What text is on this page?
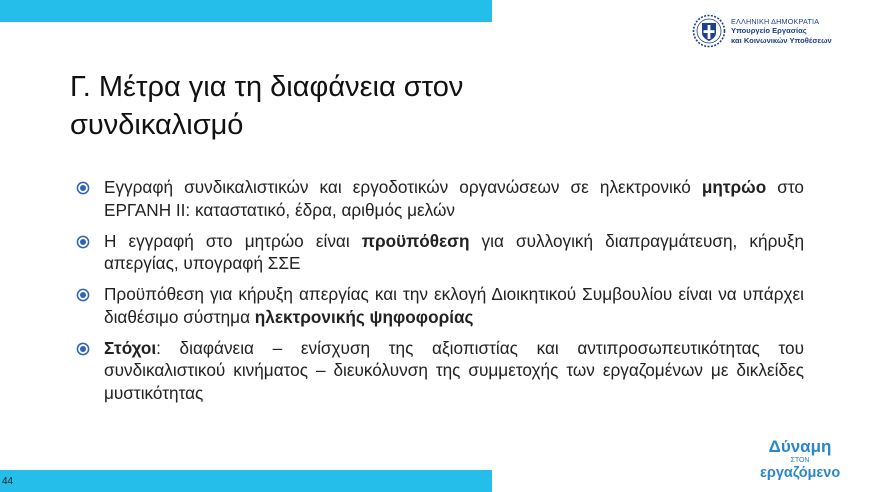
ΕΛΛΗΝΙΚΗ ΔΗΜΟΚΡΑΤΙΑ
Υπουργείο Εργασίας
και Κοινωνικών Υποθέσεων
Γ. Μέτρα για τη διαφάνεια στον
συνδικαλισμό
Εγγραφή συνδικαλιστικών και εργοδοτικών οργανώσεων σε ηλεκτρονικό μητρώο στο ΕΡΓΑΝΗ ΙΙ: καταστατικό, έδρα, αριθμός μελών
Η εγγραφή στο μητρώο είναι προϋπόθεση για συλλογική διαπραγμάτευση, κήρυξη απεργίας, υπογραφή ΣΣΕ
Προϋπόθεση για κήρυξη απεργίας και την εκλογή Διοικητικού Συμβουλίου είναι να υπάρχει διαθέσιμο σύστημα ηλεκτρονικής ψηφοφορίας
Στόχοι: διαφάνεια – ενίσχυση της αξιοπιστίας και αντιπροσωπευτικότητας του συνδικαλιστικού κινήματος – διευκόλυνση της συμμετοχής των εργαζομένων με δικλείδες μυστικότητας
44
Δύναμη
ΣΤΟΝ
εργαζόμενο
